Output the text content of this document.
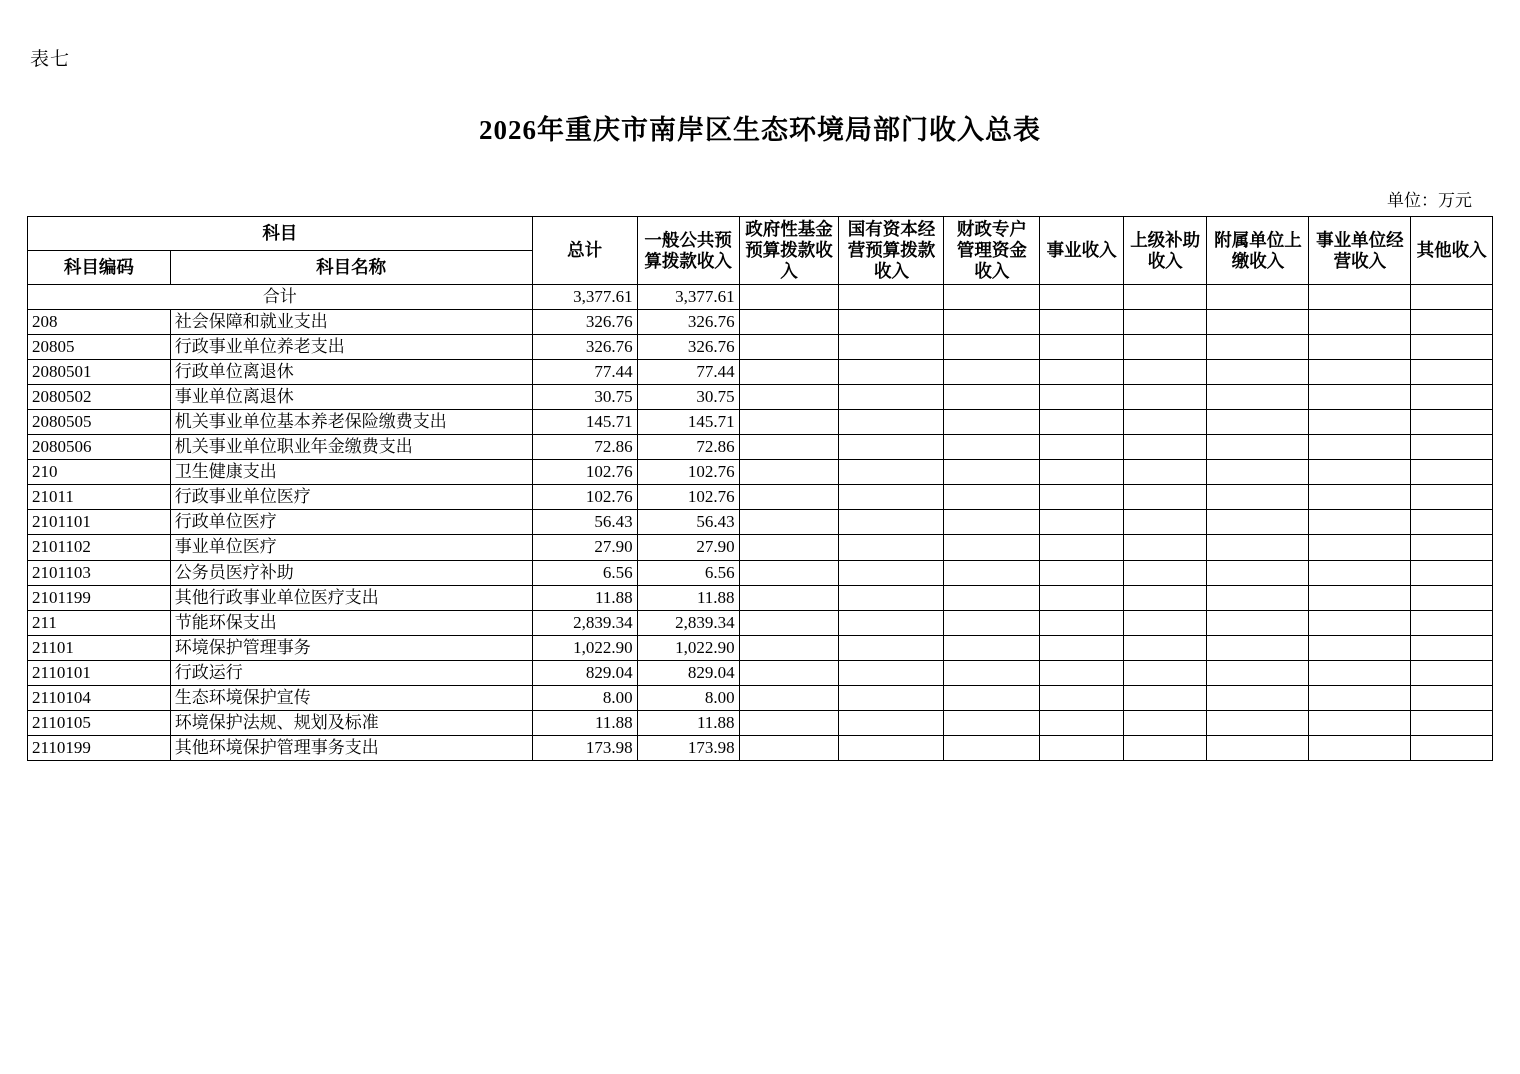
表七
2026年重庆市南岸区生态环境局部门收入总表
单位：万元
科目		总计	一般公共预算拨款收入	政府性基金预算拨款收入	国有资本经营预算拨款收入	财政专户管理资金收入	事业收入	上级补助收入	附属单位上缴收入	事业单位经营收入	其他收入
科目编码	科目名称										
合计		3,377.61	3,377.61								
208	社会保障和就业支出	326.76	326.76								
20805	行政事业单位养老支出	326.76	326.76								
2080501	行政单位离退休	77.44	77.44								
2080502	事业单位离退休	30.75	30.75								
2080505	机关事业单位基本养老保险缴费支出	145.71	145.71								
2080506	机关事业单位职业年金缴费支出	72.86	72.86								
210	卫生健康支出	102.76	102.76								
21011	行政事业单位医疗	102.76	102.76								
2101101	行政单位医疗	56.43	56.43								
2101102	事业单位医疗	27.90	27.90								
2101103	公务员医疗补助	6.56	6.56								
2101199	其他行政事业单位医疗支出	11.88	11.88								
211	节能环保支出	2,839.34	2,839.34								
21101	环境保护管理事务	1,022.90	1,022.90								
2110101	行政运行	829.04	829.04								
2110104	生态环境保护宣传	8.00	8.00								
2110105	环境保护法规、规划及标准	11.88	11.88								
2110199	其他环境保护管理事务支出	173.98	173.98								
